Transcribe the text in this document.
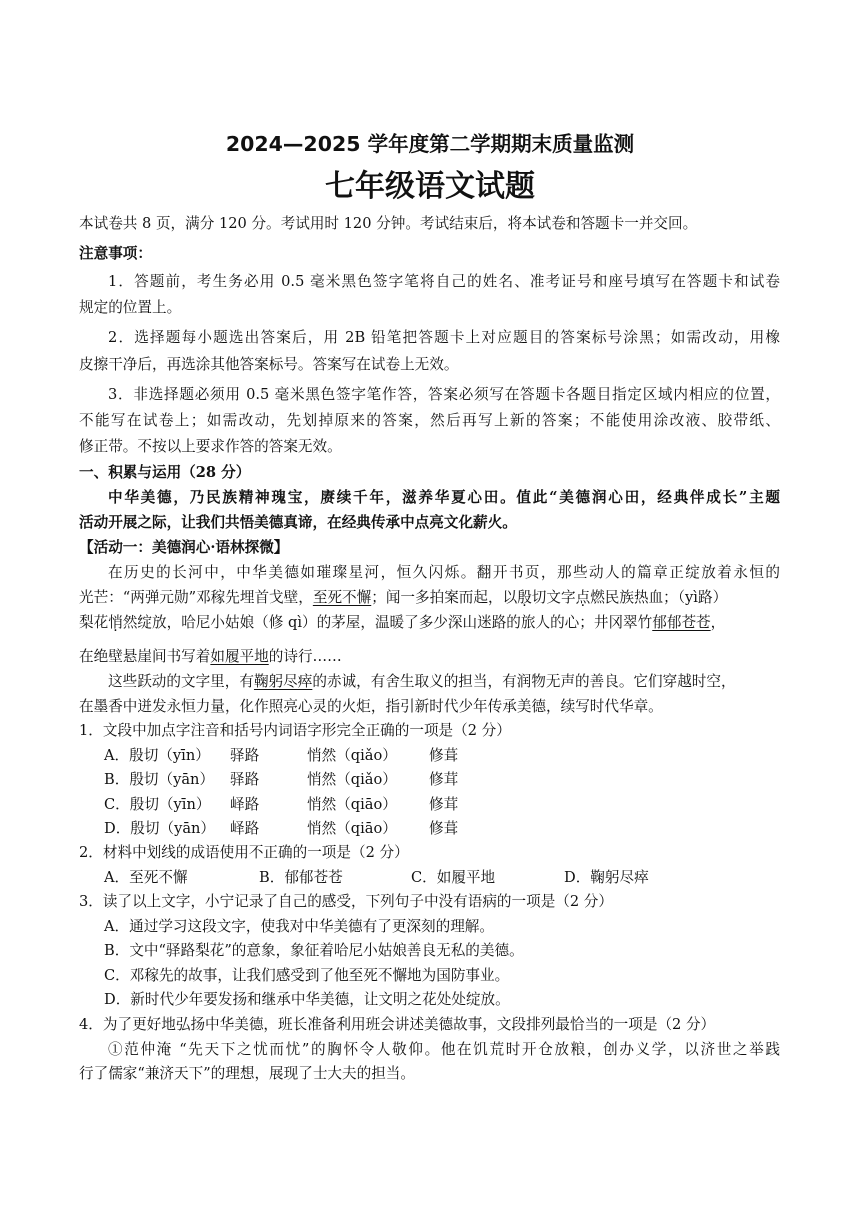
2024—2025 学年度第二学期期末质量监测
七年级语文试题
本试卷共 8 页，满分 120 分。考试用时 120 分钟。考试结束后，将本试卷和答题卡一并交回。
注意事项：
1．答题前，考生务必用 0.5 毫米黑色签字笔将自己的姓名、准考证号和座号填写在答题卡和试卷
规定的位置上。
2．选择题每小题选出答案后，用 2B 铅笔把答题卡上对应题目的答案标号涂黑；如需改动，用橡
皮擦干净后，再选涂其他答案标号。答案写在试卷上无效。
3．非选择题必须用 0.5 毫米黑色签字笔作答，答案必须写在答题卡各题目指定区域内相应的位置，
不能写在试卷上；如需改动，先划掉原来的答案，然后再写上新的答案；不能使用涂改液、胶带纸、
修正带。不按以上要求作答的答案无效。
一、积累与运用（28 分）
中华美德，乃民族精神瑰宝，赓续千年，滋养华夏心田。值此“美德润心田，经典伴成长”主题
活动开展之际，让我们共悟美德真谛，在经典传承中点亮文化薪火。
【活动一：美德润心·语林探微】
在历史的长河中，中华美德如璀璨星河，恒久闪烁。翻开书页，那些动人的篇章正绽放着永恒的
光芒：“两弹元勋”邓稼先埋首戈壁，至死不懈；闻一多拍案而起，以殷切文字点燃民族热血；（yì路）
梨花悄然绽放，哈尼小姑娘（修 qì）的茅屋，温暖了多少深山迷路的旅人的心；井冈翠竹郁郁苍苍，
在绝壁悬崖间书写着如履平地的诗行……
这些跃动的文字里，有鞠躬尽瘁的赤诚，有舍生取义的担当，有润物无声的善良。它们穿越时空，
在墨香中迸发永恒力量，化作照亮心灵的火炬，指引新时代少年传承美德，续写时代华章。
1．文段中加点字注音和括号内词语字形完全正确的一项是（2 分）
A．殷切（yīn） 驿路	悄然（qiǎo） 修葺
B．殷切（yān） 驿路	悄然（qiǎo） 修茸
C．殷切（yīn） 峄路	悄然（qiāo） 修茸
D．殷切（yān） 峄路	悄然（qiāo） 修葺
2．材料中划线的成语使用不正确的一项是（2 分）
A．至死不懈	B．郁郁苍苍	C．如履平地	D．鞠躬尽瘁
3．读了以上文字，小宁记录了自己的感受，下列句子中没有语病的一项是（2 分）
A．通过学习这段文字，使我对中华美德有了更深刻的理解。
B．文中“驿路梨花”的意象，象征着哈尼小姑娘善良无私的美德。
C．邓稼先的故事，让我们感受到了他至死不懈地为国防事业。
D．新时代少年要发扬和继承中华美德，让文明之花处处绽放。
4．为了更好地弘扬中华美德，班长准备利用班会讲述美德故事，文段排列最恰当的一项是（2 分）
①范仲淹 “先天下之忧而忧”的胸怀令人敬仰。他在饥荒时开仓放粮，创办义学，以济世之举践
行了儒家“兼济天下”的理想，展现了士大夫的担当。
